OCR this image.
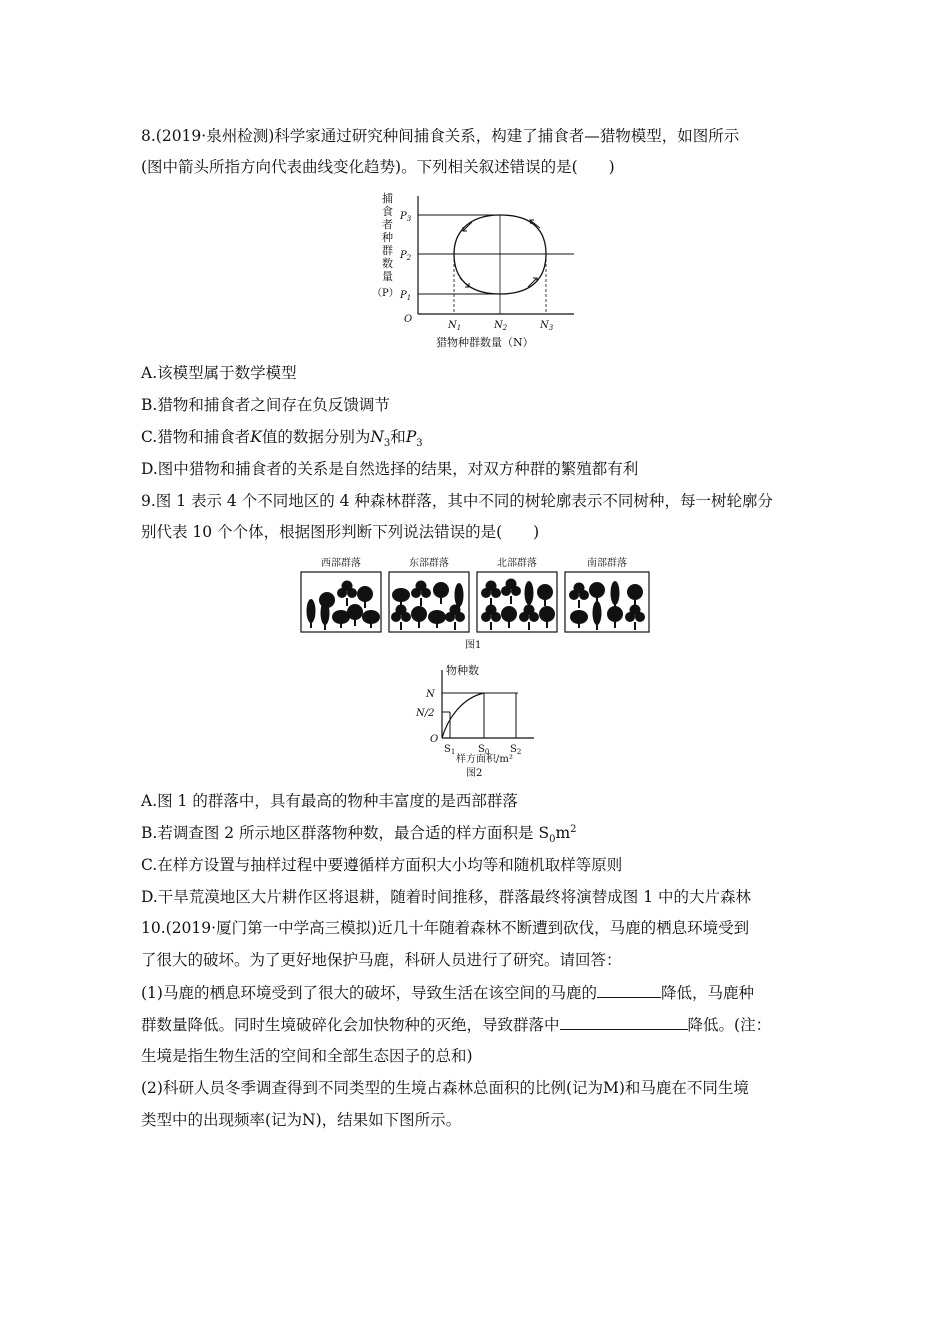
8.(2019·泉州检测)科学家通过研究种间捕食关系，构建了捕食者—猎物模型，如图所示
(图中箭头所指方向代表曲线变化趋势)。下列相关叙述错误的是(　　)
捕
食
者
种
群
数
量
（P）
$P_3$
$P_2$
$P_1$
O
$N_1$	$N_2$	$N_3$
猎物种群数量（N）
A.该模型属于数学模型
B.猎物和捕食者之间存在负反馈调节
C.猎物和捕食者K值的数据分别为$N_3$和$P_3$
D.图中猎物和捕食者的关系是自然选择的结果，对双方种群的繁殖都有利
9.图 1 表示 4 个不同地区的 4 种森林群落，其中不同的树轮廓表示不同树种，每一树轮廓分
别代表 10 个个体，根据图形判断下列说法错误的是(　　)
西部群落	东部群落	北部群落	南部群落
图1
物种数
N
N/2
O
$S_1$ $S_0$ $S_2$
样方面积/m²
图2
A.图 1 的群落中，具有最高的物种丰富度的是西部群落
B.若调查图 2 所示地区群落物种数，最合适的样方面积是 $S_0m^2$
C.在样方设置与抽样过程中要遵循样方面积大小均等和随机取样等原则
D.干旱荒漠地区大片耕作区将退耕，随着时间推移，群落最终将演替成图 1 中的大片森林
10.(2019·厦门第一中学高三模拟)近几十年随着森林不断遭到砍伐，马鹿的栖息环境受到
了很大的破坏。为了更好地保护马鹿，科研人员进行了研究。请回答：
(1)马鹿的栖息环境受到了很大的破坏，导致生活在该空间的马鹿的	降低，马鹿种
群数量降低。同时生境破碎化会加快物种的灭绝，导致群落中	降低。(注：
生境是指生物生活的空间和全部生态因子的总和)
(2)科研人员冬季调查得到不同类型的生境占森林总面积的比例(记为M)和马鹿在不同生境
类型中的出现频率(记为N)，结果如下图所示。
